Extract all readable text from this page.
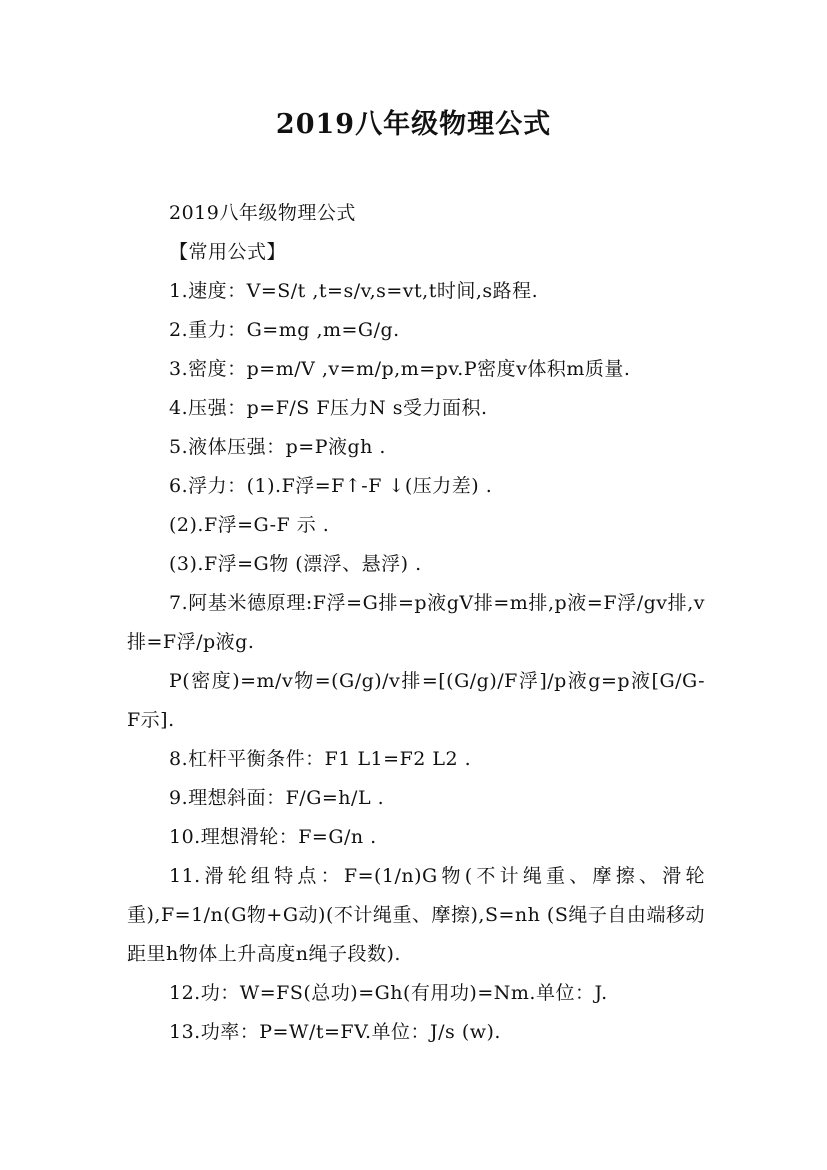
2019八年级物理公式
2019八年级物理公式
【常用公式】
1.速度：V=S/t ,t=s/v,s=vt,t时间,s路程.
2.重力：G=mg ,m=G/g.
3.密度：p=m/V ,v=m/p,m=pv.P密度v体积m质量.
4.压强：p=F/S F压力N s受力面积.
5.液体压强：p=P液gh .
6.浮力：(1).F浮=F↑-F ↓(压力差) .
(2).F浮=G-F 示 .
(3).F浮=G物 (漂浮、悬浮) .
7.阿基米德原理:F浮=G排=p液gV排=m排,p液=F浮/gv排,v排=F浮/p液g.
P(密度)=m/v物=(G/g)/v排=[(G/g)/F浮]/p液g=p液[G/G-F示].
8.杠杆平衡条件：F1 L1=F2 L2 .
9.理想斜面：F/G=h/L .
10.理想滑轮：F=G/n .
11.滑轮组特点：F=(1/n)G物(不计绳重、摩擦、滑轮重),F=1/n(G物+G动)(不计绳重、摩擦),S=nh (S绳子自由端移动距里h物体上升高度n绳子段数).
12.功：W=FS(总功)=Gh(有用功)=Nm.单位：J.
13.功率：P=W/t=FV.单位：J/s (w).
